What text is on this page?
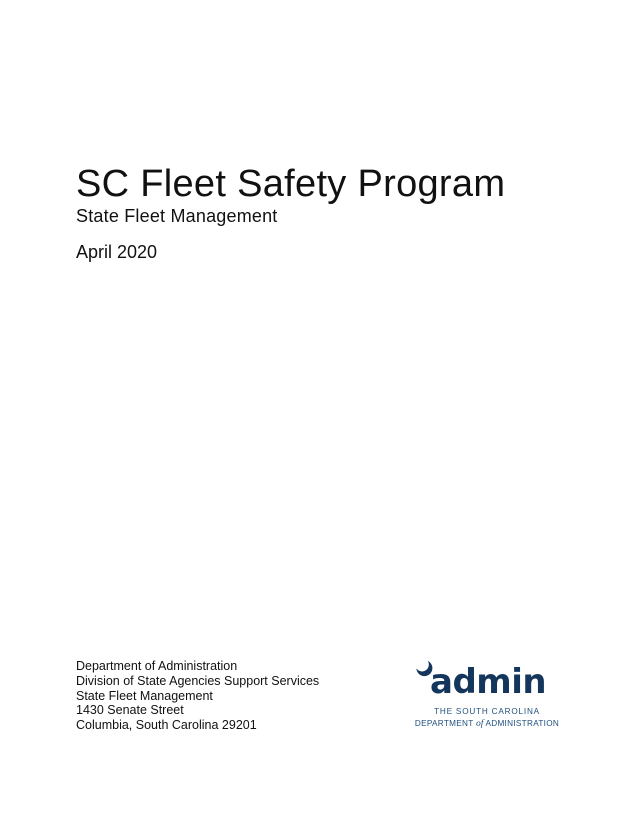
SC Fleet Safety Program
State Fleet Management
April 2020
Department of Administration
Division of State Agencies Support Services
State Fleet Management
1430 Senate Street
Columbia, South Carolina 29201
admin
THE SOUTH CAROLINA
DEPARTMENT of ADMINISTRATION
